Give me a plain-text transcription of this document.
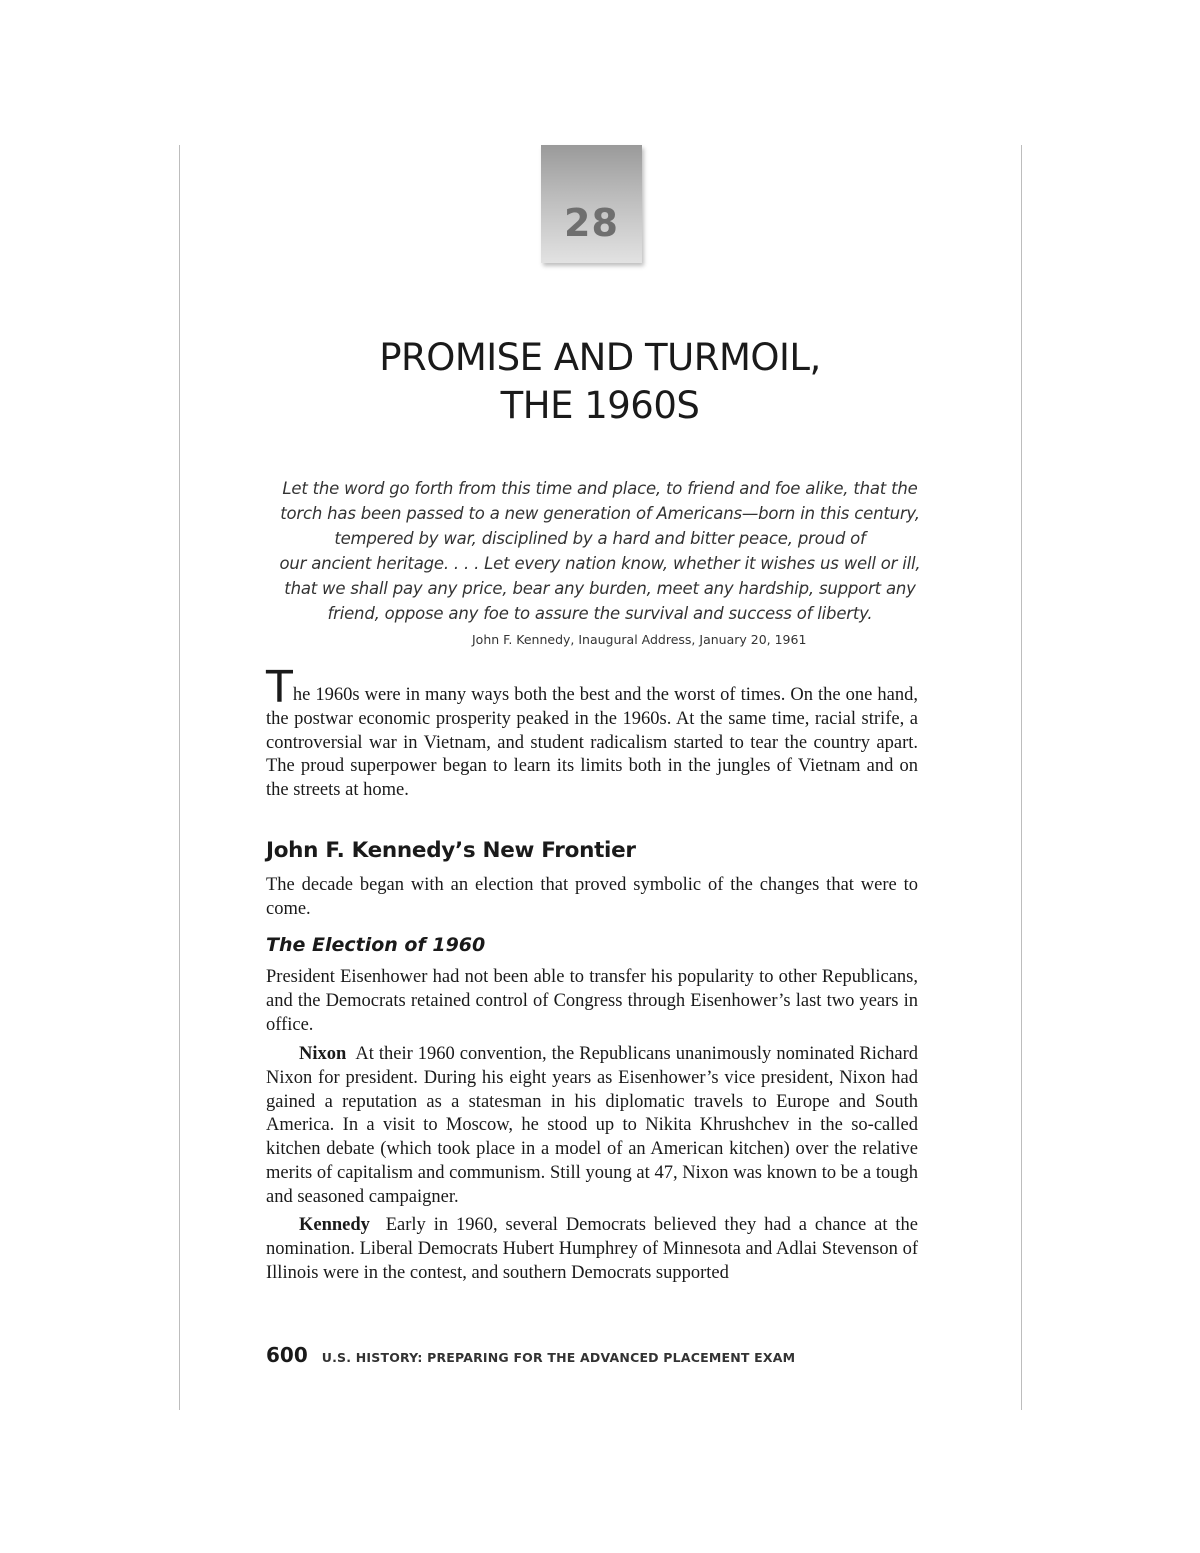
28
PROMISE AND TURMOIL,
THE 1960S
Let the word go forth from this time and place, to friend and foe alike, that the
torch has been passed to a new generation of Americans—born in this century,
tempered by war, disciplined by a hard and bitter peace, proud of
our ancient heritage. . . . Let every nation know, whether it wishes us well or ill,
that we shall pay any price, bear any burden, meet any hardship, support any
friend, oppose any foe to assure the survival and success of liberty.
John F. Kennedy, Inaugural Address, January 20, 1961

The 1960s were in many ways both the best and the worst of times. On the one hand, the postwar economic prosperity peaked in the 1960s. At the same time, racial strife, a controversial war in Vietnam, and student radicalism started to tear the country apart. The proud superpower began to learn its limits both in the jungles of Vietnam and on the streets at home.

John F. Kennedy’s New Frontier

The decade began with an election that proved symbolic of the changes that were to come.

The Election of 1960

President Eisenhower had not been able to transfer his popularity to other Republicans, and the Democrats retained control of Congress through Eisenhower’s last two years in office.

Nixon At their 1960 convention, the Republicans unanimously nominated Richard Nixon for president. During his eight years as Eisenhower’s vice president, Nixon had gained a reputation as a statesman in his diplomatic travels to Europe and South America. In a visit to Moscow, he stood up to Nikita Khrushchev in the so-called kitchen debate (which took place in a model of an American kitchen) over the relative merits of capitalism and communism. Still young at 47, Nixon was known to be a tough and seasoned campaigner.

Kennedy Early in 1960, several Democrats believed they had a chance at the nomination. Liberal Democrats Hubert Humphrey of Minnesota and Adlai Stevenson of Illinois were in the contest, and southern Democrats supported

600 U.S. HISTORY: PREPARING FOR THE ADVANCED PLACEMENT EXAM
